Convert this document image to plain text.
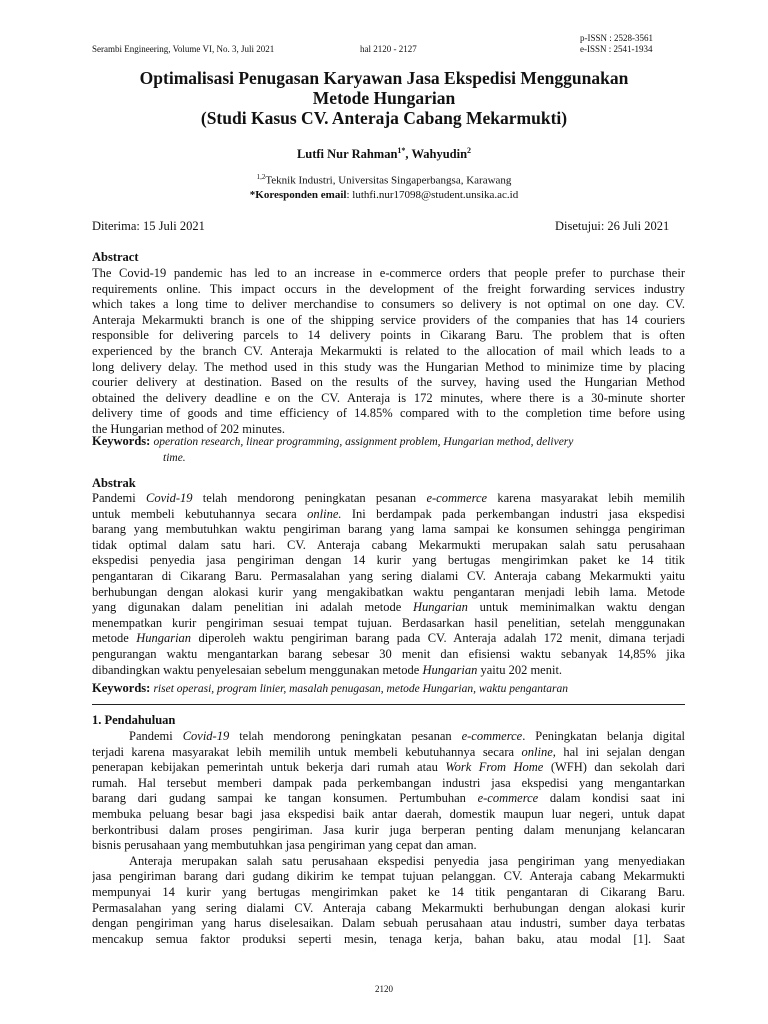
Serambi Engineering, Volume VI, No. 3, Juli 2021	hal 2120 - 2127
p-ISSN : 2528-3561
e-ISSN : 2541-1934
Optimalisasi Penugasan Karyawan Jasa Ekspedisi Menggunakan
Metode Hungarian
(Studi Kasus CV. Anteraja Cabang Mekarmukti)
Lutfi Nur Rahman$^{1*}$, Wahyudin$^2$
$^{1,2}$Teknik Industri, Universitas Singaperbangsa, Karawang
*Koresponden email: luthfi.nur17098@student.unsika.ac.id
Diterima: 15 Juli 2021	Disetujui: 26 Juli 2021
Abstract
The Covid-19 pandemic has led to an increase in e-commerce orders that people prefer to purchase their
requirements online. This impact occurs in the development of the freight forwarding services industry
which takes a long time to deliver merchandise to consumers so delivery is not optimal on one day. CV.
Anteraja Mekarmukti branch is one of the shipping service providers of the companies that has 14 couriers
responsible for delivering parcels to 14 delivery points in Cikarang Baru. The problem that is often
experienced by the branch CV. Anteraja Mekarmukti is related to the allocation of mail which leads to a
long delivery delay. The method used in this study was the Hungarian Method to minimize time by placing
courier delivery at destination. Based on the results of the survey, having used the Hungarian Method
obtained the delivery deadline e on the CV. Anteraja is 172 minutes, where there is a 30-minute shorter
delivery time of goods and time efficiency of 14.85% compared with to the completion time before using
the Hungarian method of 202 minutes.
Keywords: operation research, linear programming, assignment problem, Hungarian method, delivery
time.
Abstrak
Pandemi Covid-19 telah mendorong peningkatan pesanan e-commerce karena masyarakat lebih memilih
untuk membeli kebutuhannya secara online. Ini berdampak pada perkembangan industri jasa ekspedisi
barang yang membutuhkan waktu pengiriman barang yang lama sampai ke konsumen sehingga pengiriman
tidak optimal dalam satu hari. CV. Anteraja cabang Mekarmukti merupakan salah satu perusahaan
ekspedisi penyedia jasa pengiriman dengan 14 kurir yang bertugas mengirimkan paket ke 14 titik
pengantaran di Cikarang Baru. Permasalahan yang sering dialami CV. Anteraja cabang Mekarmukti yaitu
berhubungan dengan alokasi kurir yang mengakibatkan waktu pengantaran menjadi lebih lama. Metode
yang digunakan dalam penelitian ini adalah metode Hungarian untuk meminimalkan waktu dengan
menempatkan kurir pengiriman sesuai tempat tujuan. Berdasarkan hasil penelitian, setelah menggunakan
metode Hungarian diperoleh waktu pengiriman barang pada CV. Anteraja adalah 172 menit, dimana terjadi
pengurangan waktu mengantarkan barang sebesar 30 menit dan efisiensi waktu sebanyak 14,85% jika
dibandingkan waktu penyelesaian sebelum menggunakan metode Hungarian yaitu 202 menit.
Keywords: riset operasi, program linier, masalah penugasan, metode Hungarian, waktu pengantaran
1. Pendahuluan
Pandemi Covid-19 telah mendorong peningkatan pesanan e-commerce. Peningkatan belanja digital
terjadi karena masyarakat lebih memilih untuk membeli kebutuhannya secara online, hal ini sejalan dengan
penerapan kebijakan pemerintah untuk bekerja dari rumah atau Work From Home (WFH) dan sekolah dari
rumah. Hal tersebut memberi dampak pada perkembangan industri jasa ekspedisi yang mengantarkan
barang dari gudang sampai ke tangan konsumen. Pertumbuhan e-commerce dalam kondisi saat ini
membuka peluang besar bagi jasa ekspedisi baik antar daerah, domestik maupun luar negeri, untuk dapat
berkontribusi dalam proses pengiriman. Jasa kurir juga berperan penting dalam menunjang kelancaran
bisnis perusahaan yang membutuhkan jasa pengiriman yang cepat dan aman.
Anteraja merupakan salah satu perusahaan ekspedisi penyedia jasa pengiriman yang menyediakan
jasa pengiriman barang dari gudang dikirim ke tempat tujuan pelanggan. CV. Anteraja cabang Mekarmukti
mempunyai 14 kurir yang bertugas mengirimkan paket ke 14 titik pengantaran di Cikarang Baru.
Permasalahan yang sering dialami CV. Anteraja cabang Mekarmukti berhubungan dengan alokasi kurir
dengan pengiriman yang harus diselesaikan. Dalam sebuah perusahaan atau industri, sumber daya terbatas
mencakup semua faktor produksi seperti mesin, tenaga kerja, bahan baku, atau modal [1]. Saat
2120
